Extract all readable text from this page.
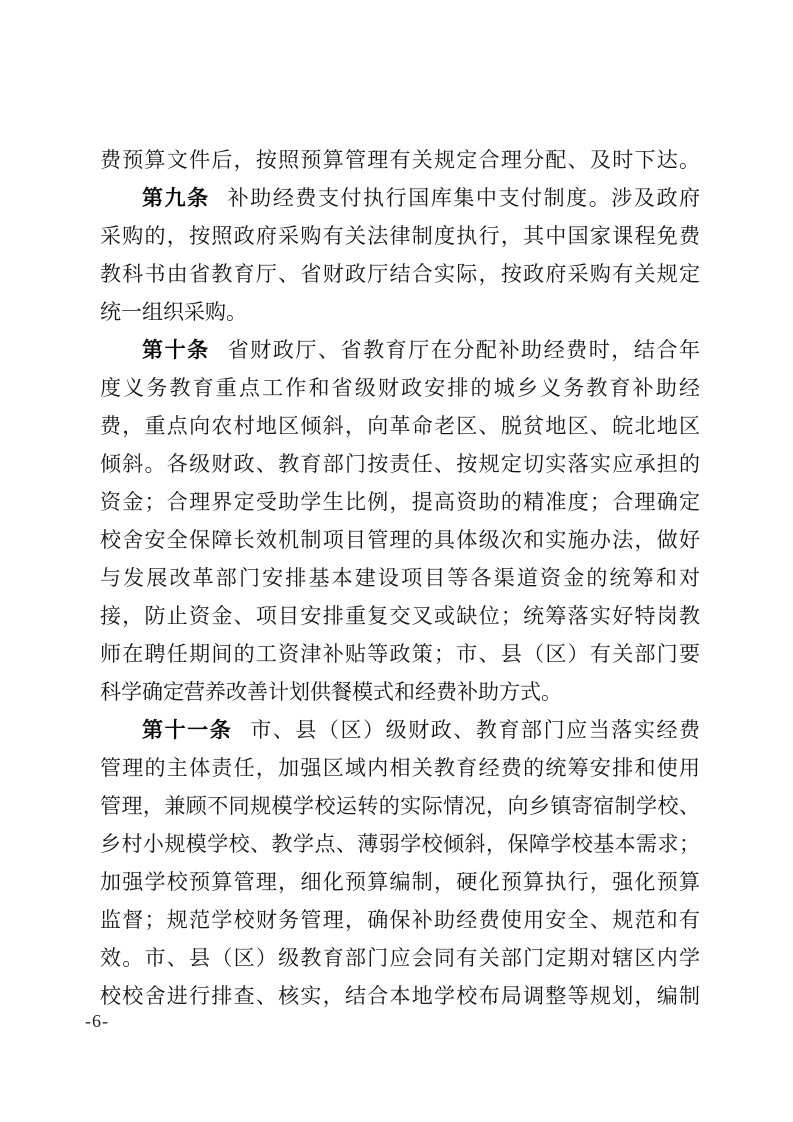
费预算文件后，按照预算管理有关规定合理分配、及时下达。
第九条 补助经费支付执行国库集中支付制度。涉及政府
采购的，按照政府采购有关法律制度执行，其中国家课程免费
教科书由省教育厅、省财政厅结合实际，按政府采购有关规定
统一组织采购。
第十条 省财政厅、省教育厅在分配补助经费时，结合年
度义务教育重点工作和省级财政安排的城乡义务教育补助经
费，重点向农村地区倾斜，向革命老区、脱贫地区、皖北地区
倾斜。各级财政、教育部门按责任、按规定切实落实应承担的
资金；合理界定受助学生比例，提高资助的精准度；合理确定
校舍安全保障长效机制项目管理的具体级次和实施办法，做好
与发展改革部门安排基本建设项目等各渠道资金的统筹和对
接，防止资金、项目安排重复交叉或缺位；统筹落实好特岗教
师在聘任期间的工资津补贴等政策；市、县（区）有关部门要
科学确定营养改善计划供餐模式和经费补助方式。
第十一条 市、县（区）级财政、教育部门应当落实经费
管理的主体责任，加强区域内相关教育经费的统筹安排和使用
管理，兼顾不同规模学校运转的实际情况，向乡镇寄宿制学校、
乡村小规模学校、教学点、薄弱学校倾斜，保障学校基本需求；
加强学校预算管理，细化预算编制，硬化预算执行，强化预算
监督；规范学校财务管理，确保补助经费使用安全、规范和有
效。市、县（区）级教育部门应会同有关部门定期对辖区内学
校校舍进行排查、核实，结合本地学校布局调整等规划，编制
-6-
